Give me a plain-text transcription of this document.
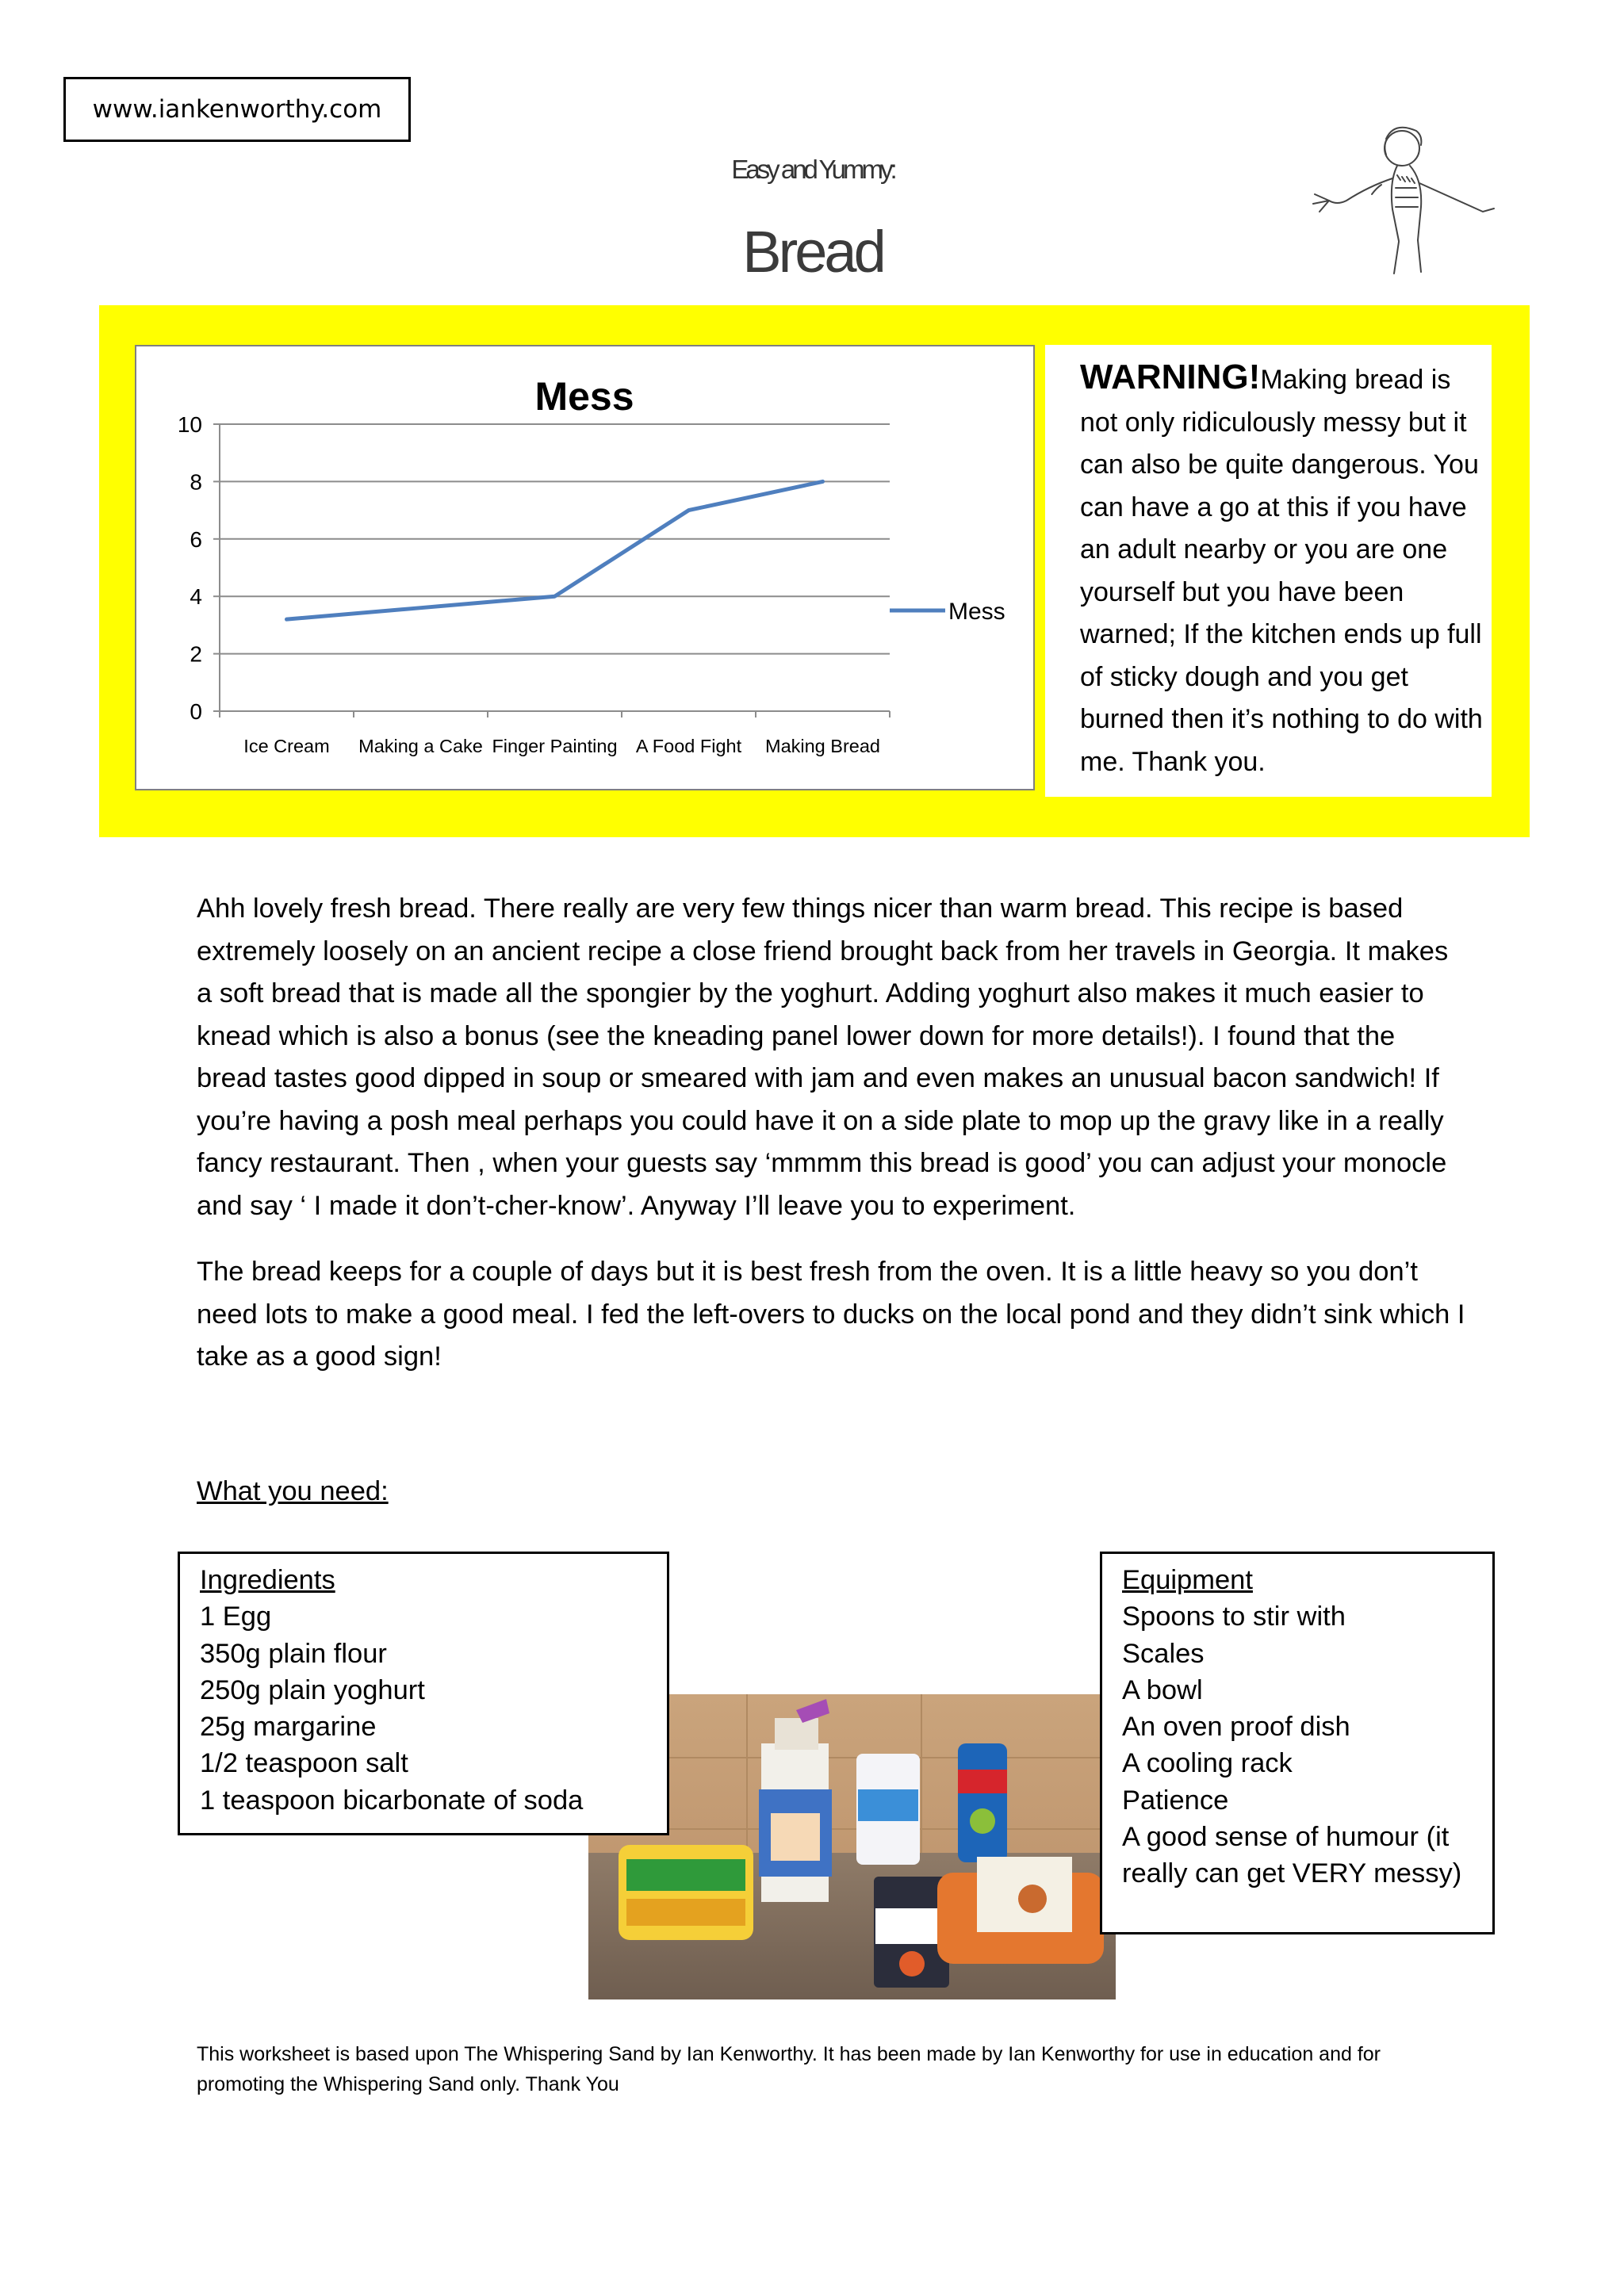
www.iankenworthy.com
Easy and Yummy:
Bread
Mess
0
2
4
6
8
10
Ice Cream Making a Cake Finger Painting A Food Fight Making Bread
Mess
WARNING!Making bread is not only ridiculously messy but it can also be quite dangerous. You can have a go at this if you have an adult nearby or you are one yourself but you have been warned; If the kitchen ends up full of sticky dough and you get burned then it’s nothing to do with me. Thank you.
Ahh lovely fresh bread. There really are very few things nicer than warm bread. This recipe is based extremely loosely on an ancient recipe a close friend brought back from her travels in Georgia. It makes a soft bread that is made all the spongier by the yoghurt. Adding yoghurt also makes it much easier to knead which is also a bonus (see the kneading panel lower down for more details!). I found that the bread tastes good dipped in soup or smeared with jam and even makes an unusual bacon sandwich! If you’re having a posh meal perhaps you could have it on a side plate to mop up the gravy like in a really fancy restaurant. Then , when your guests say ‘mmmm this bread is good’ you can adjust your monocle and say ‘ I made it don’t-cher-know’. Anyway I’ll leave you to experiment.
The bread keeps for a couple of days but it is best fresh from the oven. It is a little heavy so you don’t need lots to make a good meal. I fed the left-overs to ducks on the local pond and they didn’t sink which I take as a good sign!
What you need:
Ingredients
1 Egg
350g plain flour
250g plain yoghurt
25g margarine
1/2 teaspoon salt
1 teaspoon bicarbonate of soda
Equipment
Spoons to stir with
Scales
A bowl
An oven proof dish
A cooling rack
Patience
A good sense of humour (it really can get VERY messy)
This worksheet is based upon The Whispering Sand by Ian Kenworthy. It has been made by Ian Kenworthy for use in education and for promoting the Whispering Sand only. Thank You
